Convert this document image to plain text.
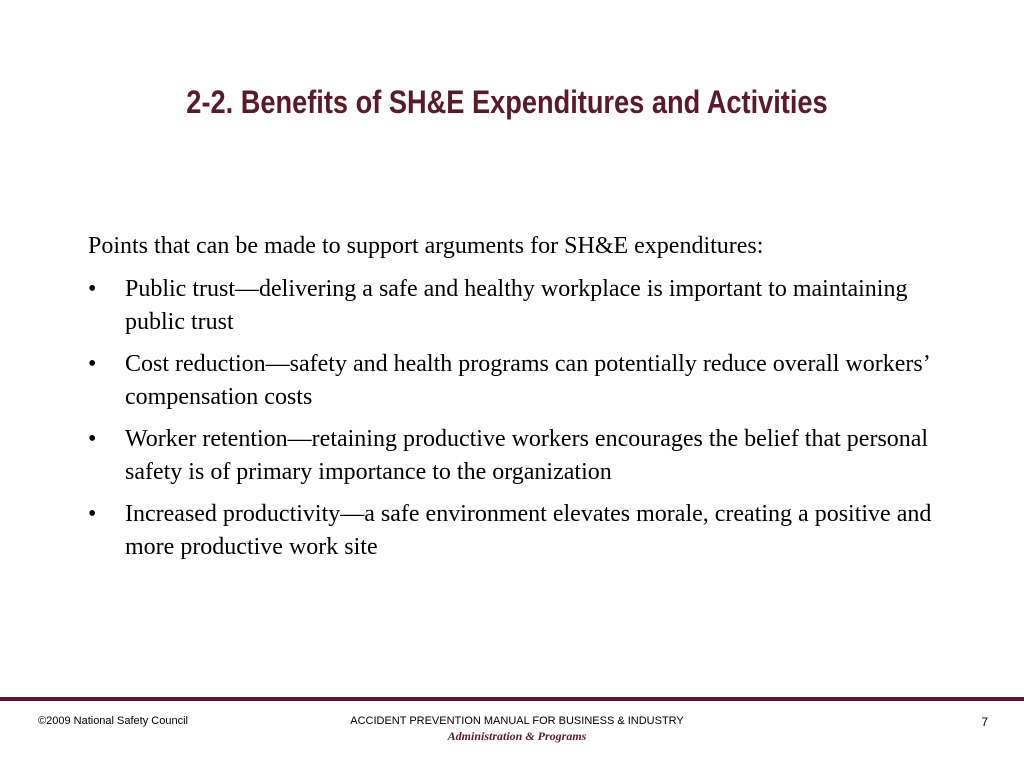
2-2. Benefits of SH&E Expenditures and Activities

Points that can be made to support arguments for SH&E expenditures:

•	Public trust—delivering a safe and healthy workplace is important to maintaining public trust
•	Cost reduction—safety and health programs can potentially reduce overall workers’ compensation costs
•	Worker retention—retaining productive workers encourages the belief that personal safety is of primary importance to the organization
•	Increased productivity—a safe environment elevates morale, creating a positive and more productive work site
©2009 National Safety Council	ACCIDENT PREVENTION MANUAL FOR BUSINESS & INDUSTRY
Administration & Programs
7
